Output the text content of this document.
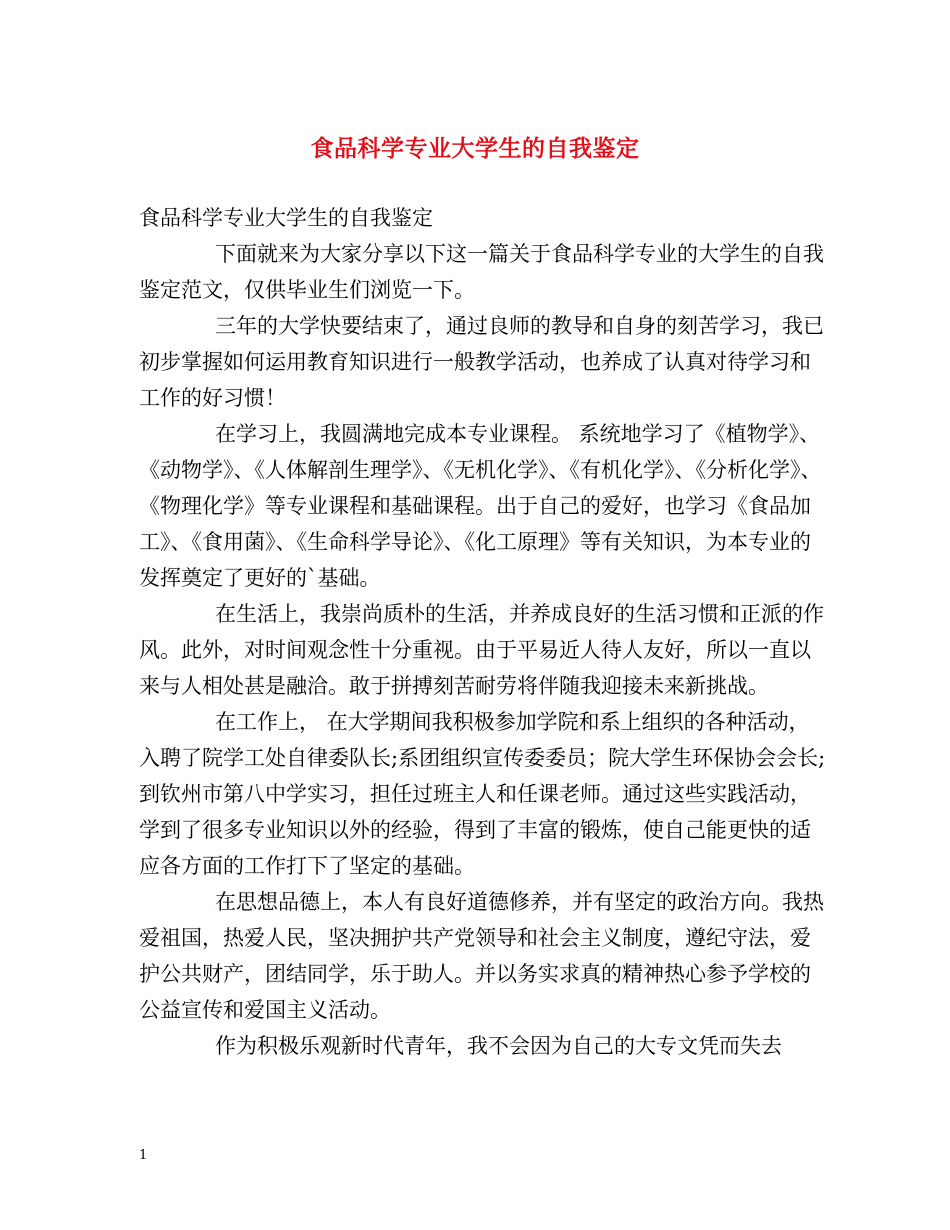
食品科学专业大学生的自我鉴定

食品科学专业大学生的自我鉴定

下面就来为大家分享以下这一篇关于食品科学专业的大学生的自我鉴定范文，仅供毕业生们浏览一下。

三年的大学快要结束了，通过良师的教导和自身的刻苦学习，我已初步掌握如何运用教育知识进行一般教学活动，也养成了认真对待学习和工作的好习惯！

在学习上，我圆满地完成本专业课程。 系统地学习了《植物学》、《动物学》、《人体解剖生理学》、《无机化学》、《有机化学》、《分析化学》、《物理化学》等专业课程和基础课程。出于自己的爱好，也学习《食品加工》、《食用菌》、《生命科学导论》、《化工原理》等有关知识，为本专业的发挥奠定了更好的`基础。

在生活上，我崇尚质朴的生活，并养成良好的生活习惯和正派的作风。此外，对时间观念性十分重视。由于平易近人待人友好，所以一直以来与人相处甚是融洽。敢于拼搏刻苦耐劳将伴随我迎接未来新挑战。

在工作上， 在大学期间我积极参加学院和系上组织的各种活动，入聘了院学工处自律委队长;系团组织宣传委委员；院大学生环保协会会长;到钦州市第八中学实习，担任过班主人和任课老师。通过这些实践活动，学到了很多专业知识以外的经验，得到了丰富的锻炼，使自己能更快的适应各方面的工作打下了坚定的基础。

在思想品德上，本人有良好道德修养，并有坚定的政治方向。我热爱祖国，热爱人民，坚决拥护共产党领导和社会主义制度，遵纪守法，爱护公共财产，团结同学，乐于助人。并以务实求真的精神热心参予学校的公益宣传和爱国主义活动。

作为积极乐观新时代青年，我不会因为自己的大专文凭而失去

1
